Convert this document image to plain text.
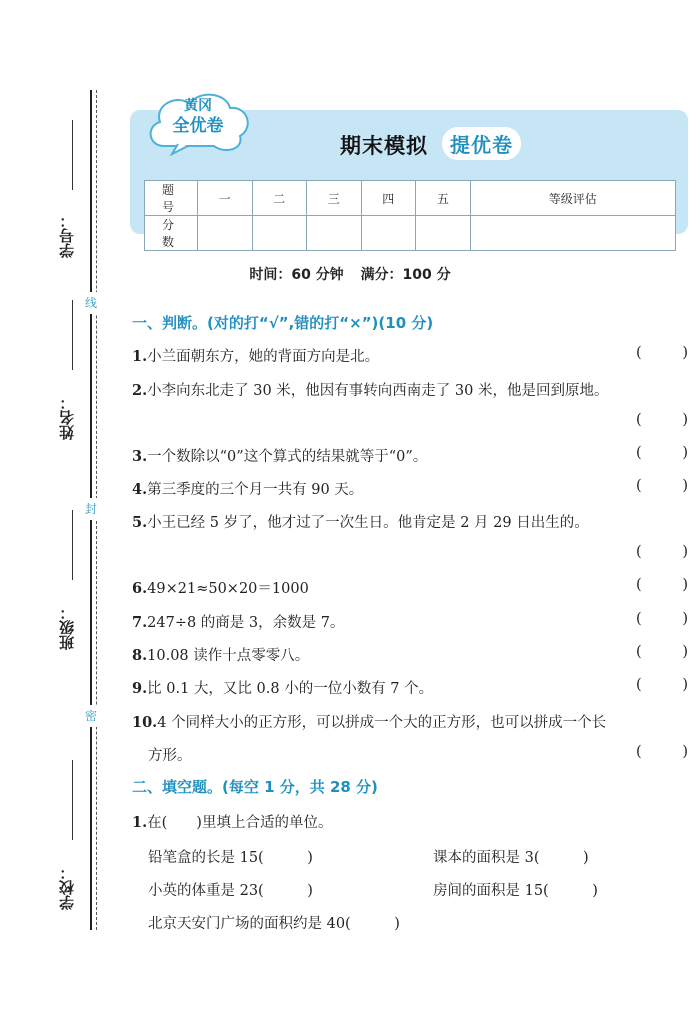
线
封
密
学号：
姓名：
班级：
学校：
黄冈
全优卷
期末模拟	提优卷
题　号	一	二	三	四	五	等级评估
分　数						
时间：60 分钟 满分：100 分
一、判断。(对的打“√”,错的打“×”)(10 分)
1.小兰面朝东方，她的背面方向是北。	(	)
2.小李向东北走了 30 米，他因有事转向西南走了 30 米，他是回到原地。
(	)
3.一个数除以“0”这个算式的结果就等于“0”。	(	)
4.第三季度的三个月一共有 90 天。	(	)
5.小王已经 5 岁了，他才过了一次生日。他肯定是 2 月 29 日出生的。
(	)
6.49×21≈50×20＝1000	(	)
7.247÷8 的商是 3，余数是 7。	(	)
8.10.08 读作十点零零八。	(	)
9.比 0.1 大，又比 0.8 小的一位小数有 7 个。	(	)
10.4 个同样大小的正方形，可以拼成一个大的正方形，也可以拼成一个长
方形。	(	)
二、填空题。(每空 1 分，共 28 分)
1.在(　　)里填上合适的单位。
铅笔盒的长是 15(　　　)	课本的面积是 3(　　　)
小英的体重是 23(　　　)	房间的面积是 15(　　　)
北京天安门广场的面积约是 40(　　　)
